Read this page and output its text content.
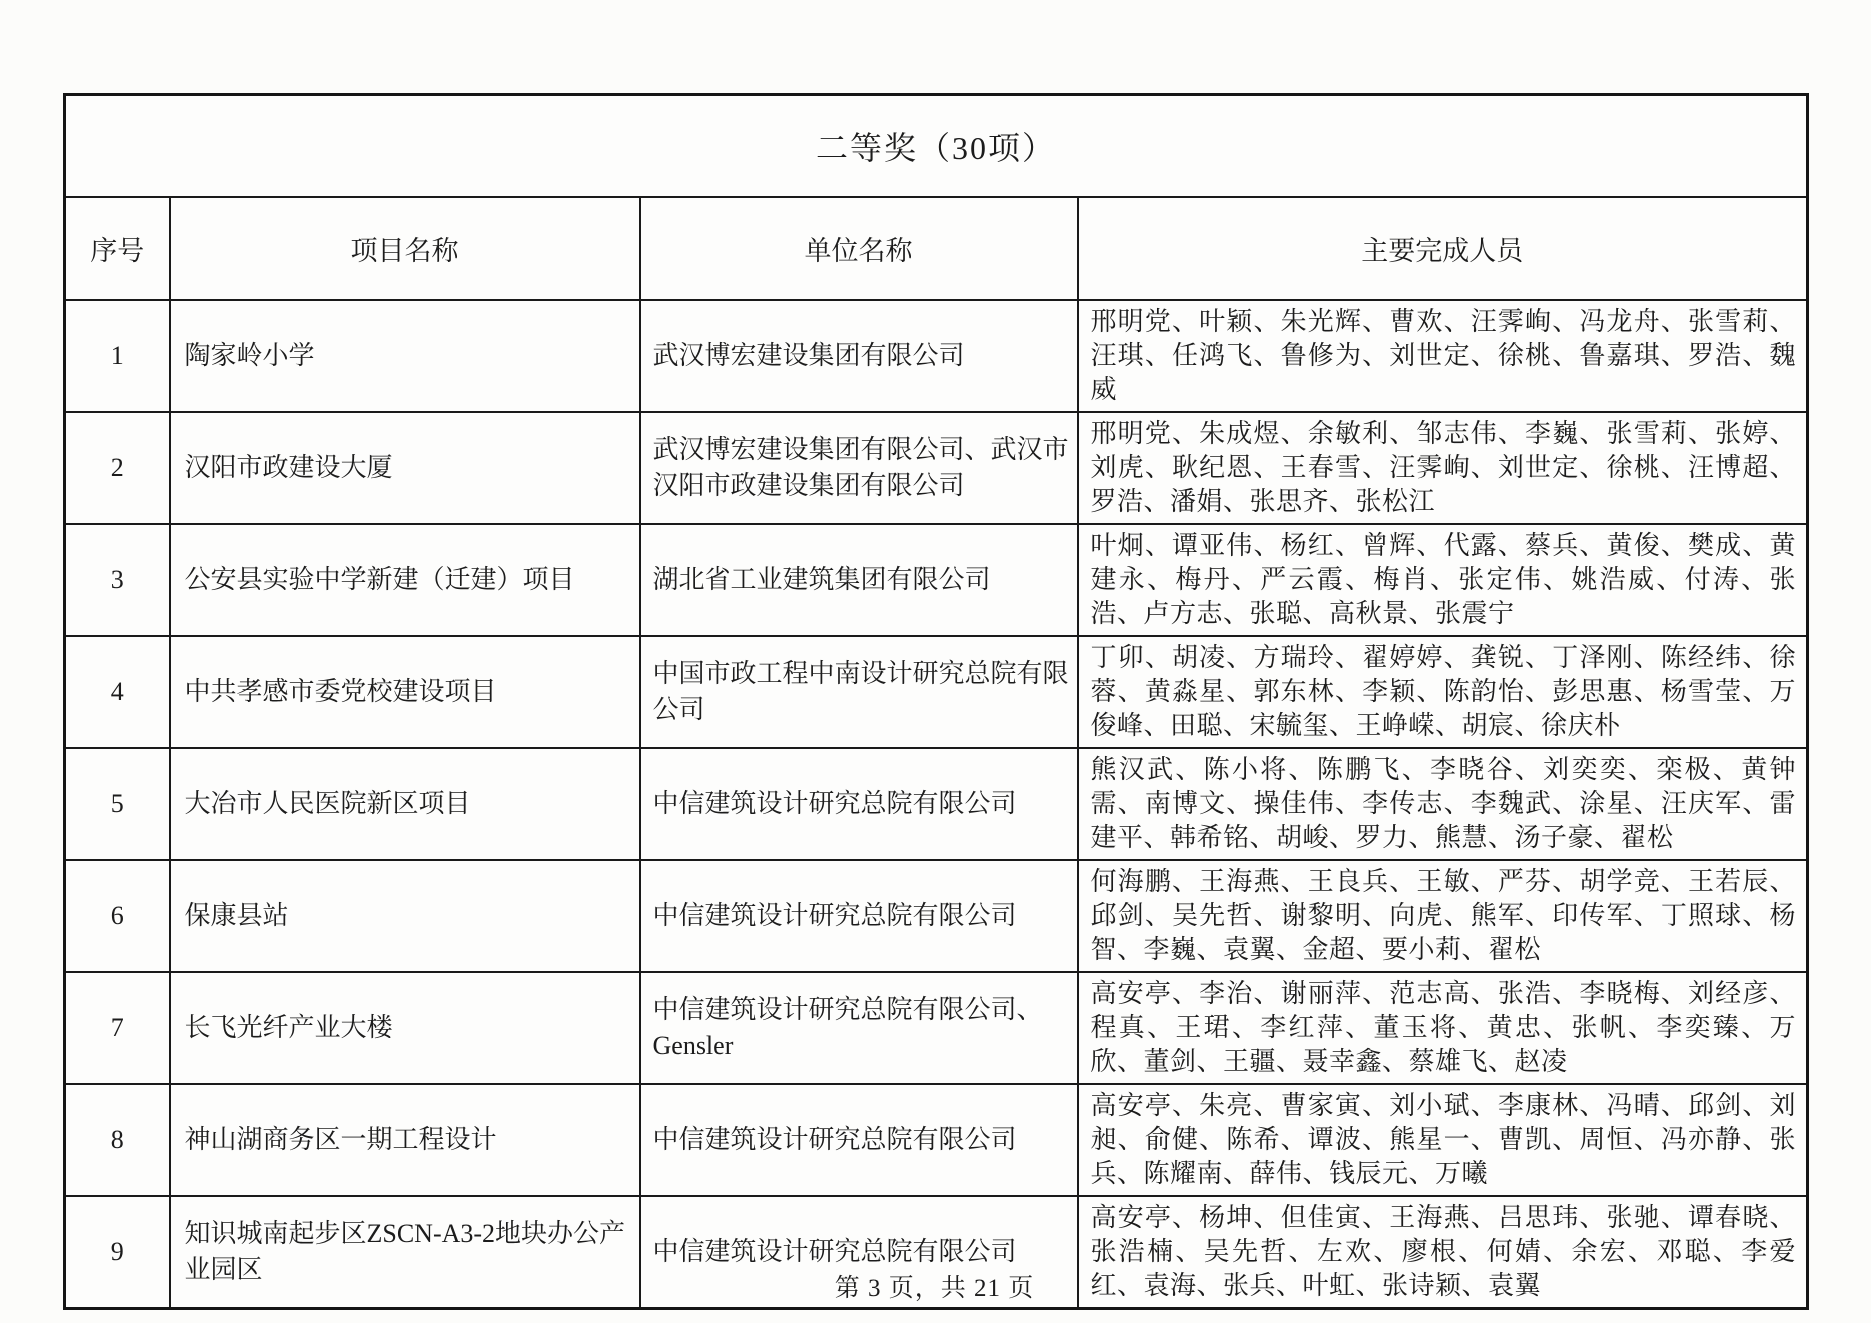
二等奖（30项）			
序号	项目名称	单位名称	主要完成人员
1	陶家岭小学	武汉博宏建设集团有限公司	邢明党、叶颖、朱光辉、曹欢、汪霁峋、冯龙舟、张雪莉、汪琪、任鸿飞、鲁修为、刘世定、徐桃、鲁嘉琪、罗浩、魏威
2	汉阳市政建设大厦	武汉博宏建设集团有限公司、武汉市汉阳市政建设集团有限公司	邢明党、朱成煜、余敏利、邹志伟、李巍、张雪莉、张婷、刘虎、耿纪恩、王春雪、汪霁峋、刘世定、徐桃、汪博超、罗浩、潘娟、张思齐、张松江
3	公安县实验中学新建（迁建）项目	湖北省工业建筑集团有限公司	叶炯、谭亚伟、杨红、曾辉、代露、蔡兵、黄俊、樊成、黄建永、梅丹、严云霞、梅肖、张定伟、姚浩威、付涛、张浩、卢方志、张聪、高秋景、张震宁
4	中共孝感市委党校建设项目	中国市政工程中南设计研究总院有限公司	丁卯、胡凌、方瑞玲、翟婷婷、龚锐、丁泽刚、陈经纬、徐蓉、黄淼星、郭东林、李颖、陈韵怡、彭思惠、杨雪莹、万俊峰、田聪、宋毓玺、王峥嵘、胡宸、徐庆朴
5	大冶市人民医院新区项目	中信建筑设计研究总院有限公司	熊汉武、陈小将、陈鹏飞、李晓谷、刘奕奕、栾极、黄钟需、南博文、操佳伟、李传志、李魏武、涂星、汪庆军、雷建平、韩希铭、胡峻、罗力、熊慧、汤子豪、翟松
6	保康县站	中信建筑设计研究总院有限公司	何海鹏、王海燕、王良兵、王敏、严芬、胡学竞、王若辰、邱剑、吴先哲、谢黎明、向虎、熊军、印传军、丁照球、杨智、李巍、袁翼、金超、要小莉、翟松
7	长飞光纤产业大楼	中信建筑设计研究总院有限公司、Gensler	高安亭、李治、谢丽萍、范志高、张浩、李晓梅、刘经彦、程真、王珺、李红萍、董玉将、黄忠、张帆、李奕臻、万欣、董剑、王疆、聂幸鑫、蔡雄飞、赵凌
8	神山湖商务区一期工程设计	中信建筑设计研究总院有限公司	高安亭、朱亮、曹家寅、刘小珷、李康林、冯晴、邱剑、刘昶、俞健、陈希、谭波、熊星一、曹凯、周恒、冯亦静、张兵、陈耀南、薛伟、钱辰元、万曦
9	知识城南起步区ZSCN-A3-2地块办公产业园区	中信建筑设计研究总院有限公司	高安亭、杨坤、但佳寅、王海燕、吕思玮、张驰、谭春晓、张浩楠、吴先哲、左欢、廖根、何婧、余宏、邓聪、李爱红、袁海、张兵、叶虹、张诗颖、袁翼
第 3 页，共 21 页
